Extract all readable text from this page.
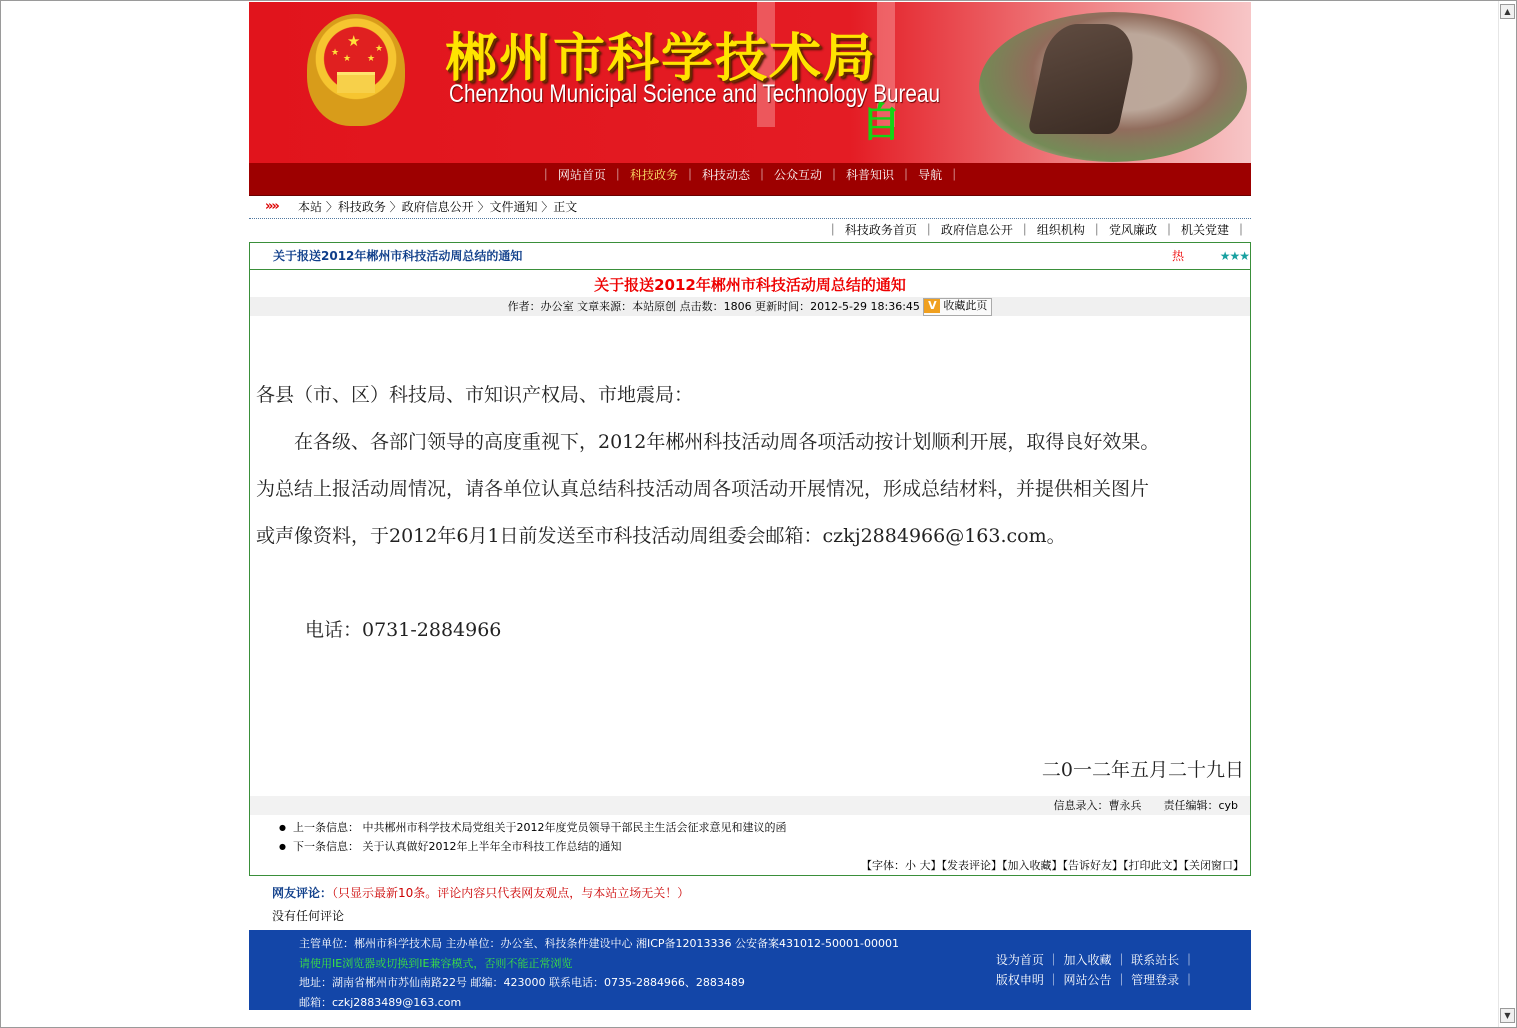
▲
▼
★
★
★ ★
★ 郴州市科学技术局
Chenzhou Municipal Science and Technology Bureau
自
｜ 网站首页 ｜ 科技政务 ｜ 科技动态 ｜ 公众互动 ｜ 科普知识 ｜ 导航 ｜
»» 本站 〉科技政务 〉政府信息公开 〉文件通知 〉正文
｜ 科技政务首页 ｜ 政府信息公开 ｜ 组织机构 ｜ 党风廉政 ｜ 机关党建 ｜
关于报送2012年郴州市科技活动周总结的通知	热	★★★
关于报送2012年郴州市科技活动周总结的通知
作者：办公室 文章来源：本站原创 点击数：1806 更新时间：2012-5-29 18:36:45 V 收藏此页

各县（市、区）科技局、市知识产权局、市地震局：

　　在各级、各部门领导的高度重视下，2012年郴州科技活动周各项活动按计划顺利开展，取得良好效果。

为总结上报活动周情况，请各单位认真总结科技活动周各项活动开展情况，形成总结材料，并提供相关图片

或声像资料，于2012年6月1日前发送至市科技活动周组委会邮箱：czkj2884966@163.com。

电话：0731-2884966

二0一二年五月二十九日

信息录入：曹永兵　　责任编辑：cyb
● 上一条信息： 中共郴州市科学技术局党组关于2012年度党员领导干部民主生活会征求意见和建议的函
● 下一条信息： 关于认真做好2012年上半年全市科技工作总结的通知
【字体：小 大】【发表评论】【加入收藏】【告诉好友】【打印此文】【关闭窗口】
网友评论：（只显示最新10条。评论内容只代表网友观点，与本站立场无关！）
没有任何评论
主管单位：郴州市科学技术局 主办单位：办公室、科技条件建设中心 湘ICP备12013336 公安备案431012-50001-00001
请使用IE浏览器或切换到IE兼容模式，否则不能正常浏览
地址：湖南省郴州市苏仙南路22号 邮编：423000 联系电话：0735-2884966、2883489
邮箱：czkj2883489@163.com
设为首页 ｜ 加入收藏 ｜ 联系站长 ｜
版权申明 ｜ 网站公告 ｜ 管理登录 ｜
